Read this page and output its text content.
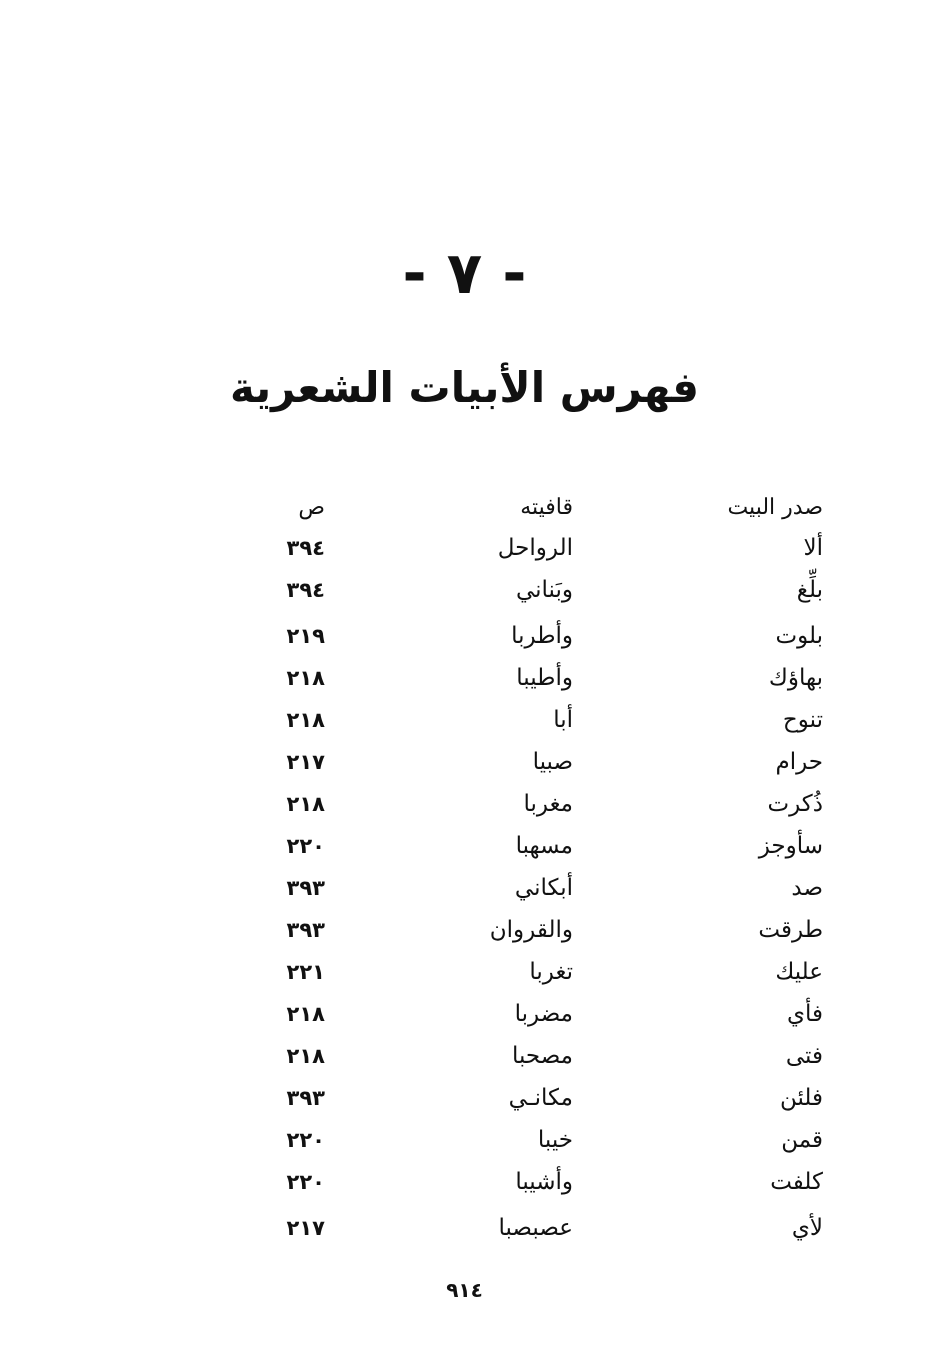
- ٧ -
فهرس الأبيات الشعرية
صدر البيت
قافيته
ص
ألا
الرواحل
٣٩٤
بلِّغ
وبَناني
٣٩٤
بلوت
وأطربا
٢١٩
بهاؤك
وأطيبا
٢١٨
تنوح
أبا
٢١٨
حرام
صبيا
٢١٧
ذُكرت
مغربا
٢١٨
سأوجز
مسهبا
٢٢٠
صد
أبكاني
٣٩٣
طرقت
والقروان
٣٩٣
عليك
تغربا
٢٢١
فأي
مضربا
٢١٨
فتى
مصحبا
٢١٨
فلئن
مكانـي
٣٩٣
قمن
خيبا
٢٢٠
كلفت
وأشيبا
٢٢٠
لأي
عصبصبا
٢١٧
٩١٤
